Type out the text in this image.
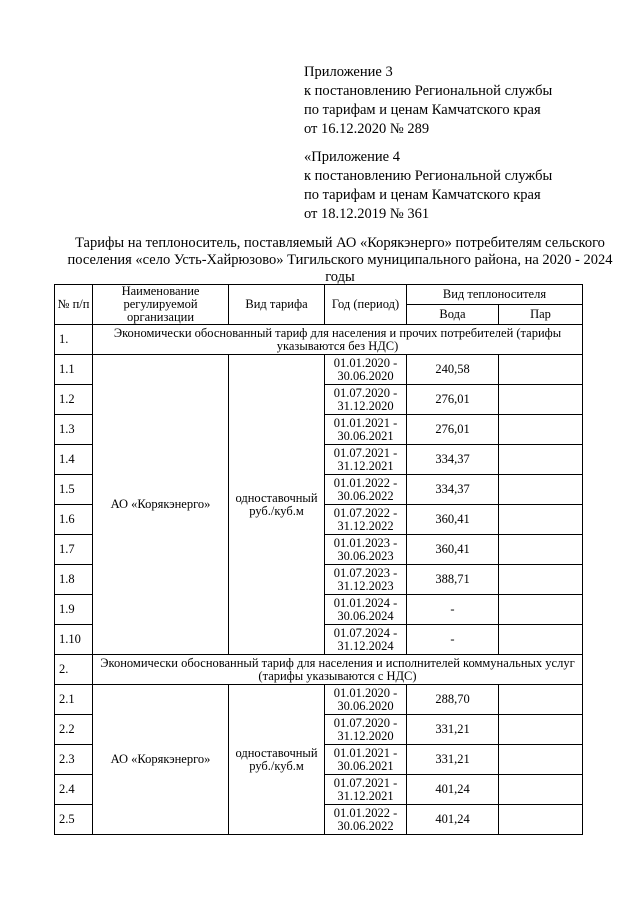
Приложение 3
к постановлению Региональной службы
по тарифам и ценам Камчатского края
от 16.12.2020 № 289
«Приложение 4
к постановлению Региональной службы
по тарифам и ценам Камчатского края
от 18.12.2019 № 361
Тарифы на теплоноситель, поставляемый АО «Корякэнерго» потребителям сельского поселения «село Усть-Хайрюзово» Тигильского муниципального района, на 2020 - 2024 годы
№ п/п	Наименование регулируемой организации	Вид тарифа	Год (период)	Вид теплоносителя	
				Вода	Пар
1.	Экономически обоснованный тариф для населения и прочих потребителей (тарифы указываются без НДС)				
1.1	АО «Корякэнерго»	одноставочный руб./куб.м	01.01.2020 - 30.06.2020	240,58	
1.2			01.07.2020 - 31.12.2020	276,01	
1.3			01.01.2021 - 30.06.2021	276,01	
1.4			01.07.2021 - 31.12.2021	334,37	
1.5			01.01.2022 - 30.06.2022	334,37	
1.6			01.07.2022 - 31.12.2022	360,41	
1.7			01.01.2023 - 30.06.2023	360,41	
1.8			01.07.2023 - 31.12.2023	388,71	
1.9			01.01.2024 - 30.06.2024	-	
1.10			01.07.2024 - 31.12.2024	-	
2.	Экономически обоснованный тариф для населения и исполнителей коммунальных услуг (тарифы указываются с НДС)				
2.1	АО «Корякэнерго»	одноставочный руб./куб.м	01.01.2020 - 30.06.2020	288,70	
2.2			01.07.2020 - 31.12.2020	331,21	
2.3			01.01.2021 - 30.06.2021	331,21	
2.4			01.07.2021 - 31.12.2021	401,24	
2.5			01.01.2022 - 30.06.2022	401,24	
